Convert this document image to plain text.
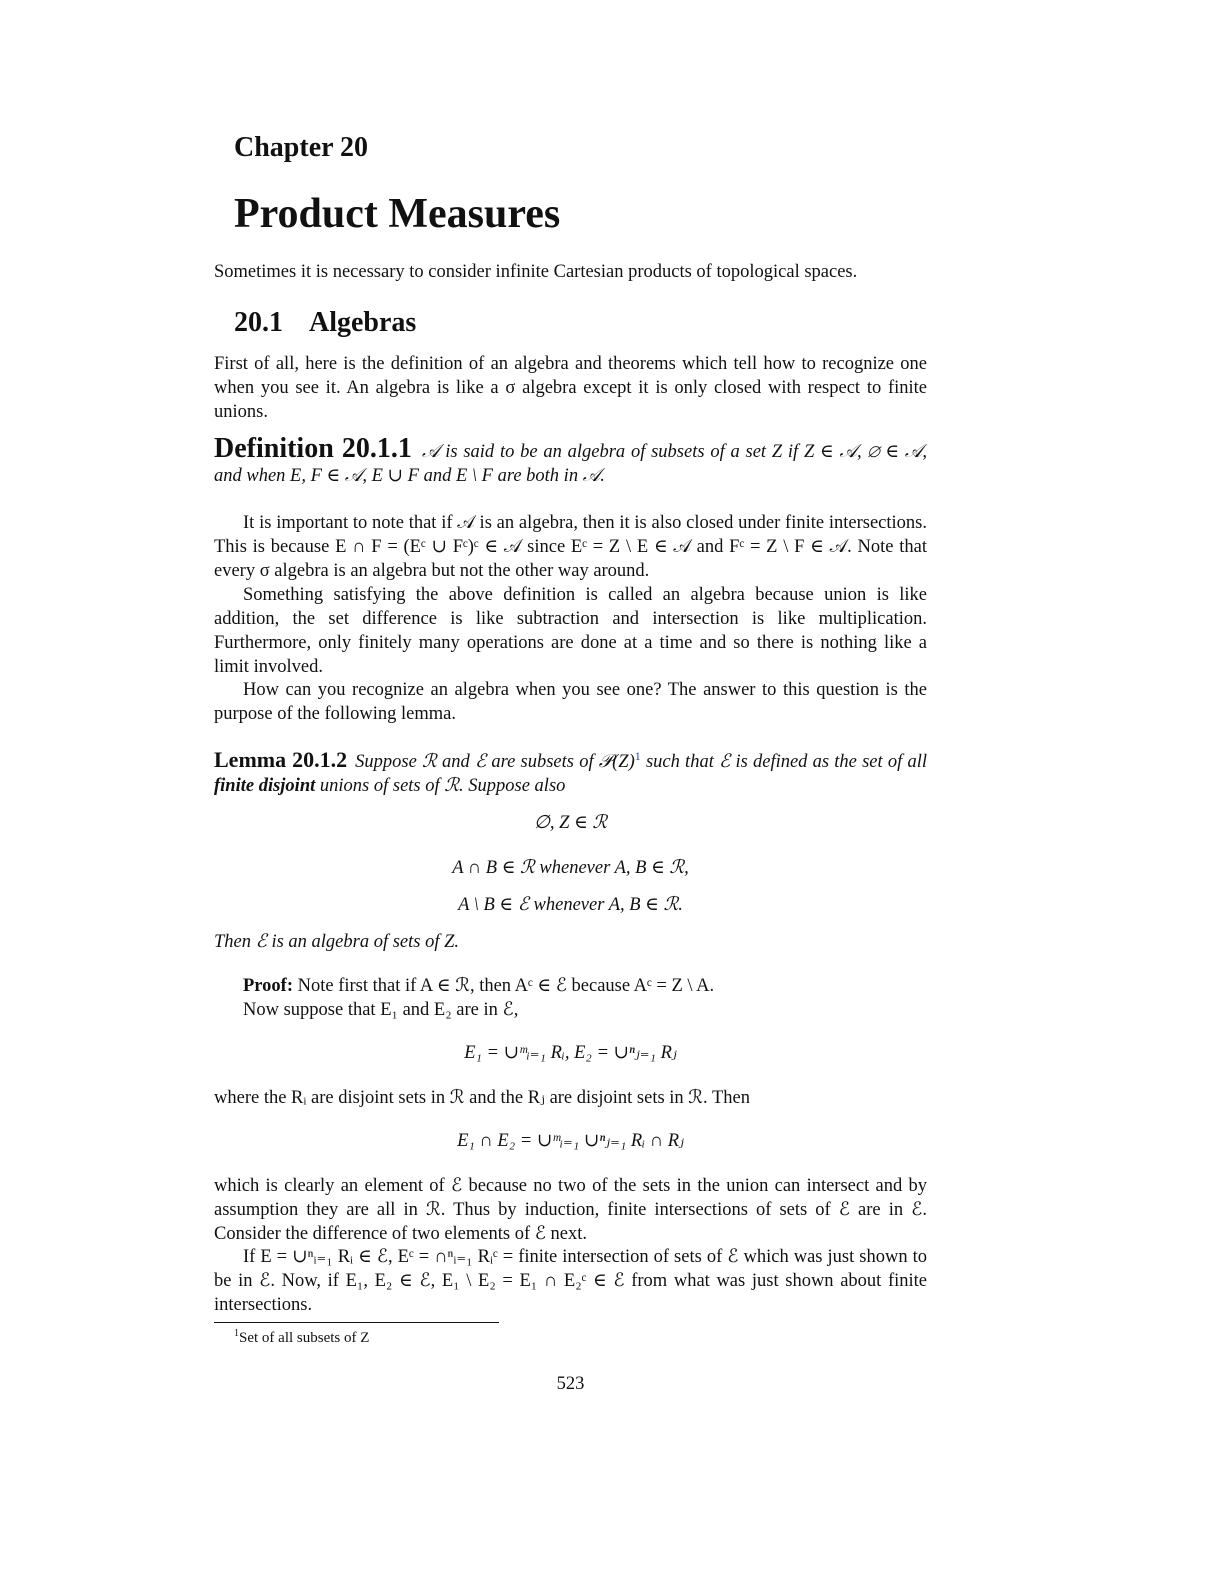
Chapter 20
Product Measures

Sometimes it is necessary to consider infinite Cartesian products of topological spaces.

20.1 Algebras

First of all, here is the definition of an algebra and theorems which tell how to recognize one when you see it. An algebra is like a σ algebra except it is only closed with respect to finite unions.

Definition 20.1.1 𝒜 is said to be an algebra of subsets of a set Z if Z ∈ 𝒜, ∅ ∈ 𝒜, and when E, F ∈ 𝒜, E ∪ F and E \ F are both in 𝒜.

It is important to note that if 𝒜 is an algebra, then it is also closed under finite intersections. This is because E ∩ F = (Eᶜ ∪ Fᶜ)ᶜ ∈ 𝒜 since Eᶜ = Z \ E ∈ 𝒜 and Fᶜ = Z \ F ∈ 𝒜. Note that every σ algebra is an algebra but not the other way around.

Something satisfying the above definition is called an algebra because union is like addition, the set difference is like subtraction and intersection is like multiplication. Furthermore, only finitely many operations are done at a time and so there is nothing like a limit involved.

How can you recognize an algebra when you see one? The answer to this question is the purpose of the following lemma.

Lemma 20.1.2 Suppose ℛ and ℰ are subsets of 𝒫(Z)$^1$ such that ℰ is defined as the set of all finite disjoint unions of sets of ℛ. Suppose also

∅, Z ∈ ℛ
A ∩ B ∈ ℛ whenever A, B ∈ ℛ,
A \ B ∈ ℰ whenever A, B ∈ ℛ.

Then ℰ is an algebra of sets of Z.

Proof: Note first that if A ∈ ℛ, then Aᶜ ∈ ℰ because Aᶜ = Z \ A.

Now suppose that E₁ and E₂ are in ℰ,

E₁ = ∪ᵐᵢ₌₁ Rᵢ, E₂ = ∪ⁿⱼ₌₁ Rⱼ

where the Rᵢ are disjoint sets in ℛ and the Rⱼ are disjoint sets in ℛ. Then

E₁ ∩ E₂ = ∪ᵐᵢ₌₁ ∪ⁿⱼ₌₁ Rᵢ ∩ Rⱼ

which is clearly an element of ℰ because no two of the sets in the union can intersect and by assumption they are all in ℛ. Thus by induction, finite intersections of sets of ℰ are in ℰ. Consider the difference of two elements of ℰ next.

If E = ∪ⁿᵢ₌₁ Rᵢ ∈ ℰ, Eᶜ = ∩ⁿᵢ₌₁ Rᵢᶜ = finite intersection of sets of ℰ which was just shown to be in ℰ. Now, if E₁, E₂ ∈ ℰ, E₁ \ E₂ = E₁ ∩ E₂ᶜ ∈ ℰ from what was just shown about finite intersections.

$^1$Set of all subsets of Z
523
